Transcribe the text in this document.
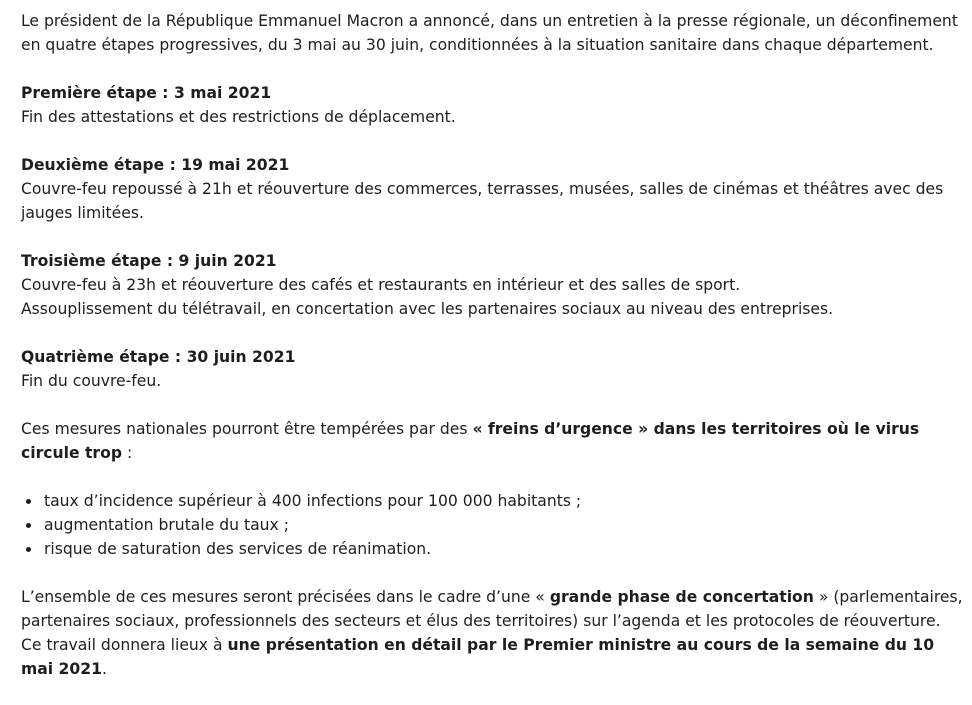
Le président de la République Emmanuel Macron a annoncé, dans un entretien à la presse régionale, un déconfinement en quatre étapes progressives, du 3 mai au 30 juin, conditionnées à la situation sanitaire dans chaque département.

Première étape : 3 mai 2021
Fin des attestations et des restrictions de déplacement.

Deuxième étape : 19 mai 2021
Couvre-feu repoussé à 21h et réouverture des commerces, terrasses, musées, salles de cinémas et théâtres avec des jauges limitées.

Troisième étape : 9 juin 2021
Couvre-feu à 23h et réouverture des cafés et restaurants en intérieur et des salles de sport.
Assouplissement du télétravail, en concertation avec les partenaires sociaux au niveau des entreprises.

Quatrième étape : 30 juin 2021
Fin du couvre-feu.

Ces mesures nationales pourront être tempérées par des « freins d’urgence » dans les territoires où le virus circule trop :

taux d’incidence supérieur à 400 infections pour 100 000 habitants ;
augmentation brutale du taux ;
risque de saturation des services de réanimation.

L’ensemble de ces mesures seront précisées dans le cadre d’une « grande phase de concertation » (parlementaires, partenaires sociaux, professionnels des secteurs et élus des territoires) sur l’agenda et les protocoles de réouverture.
Ce travail donnera lieux à une présentation en détail par le Premier ministre au cours de la semaine du 10 mai 2021.
